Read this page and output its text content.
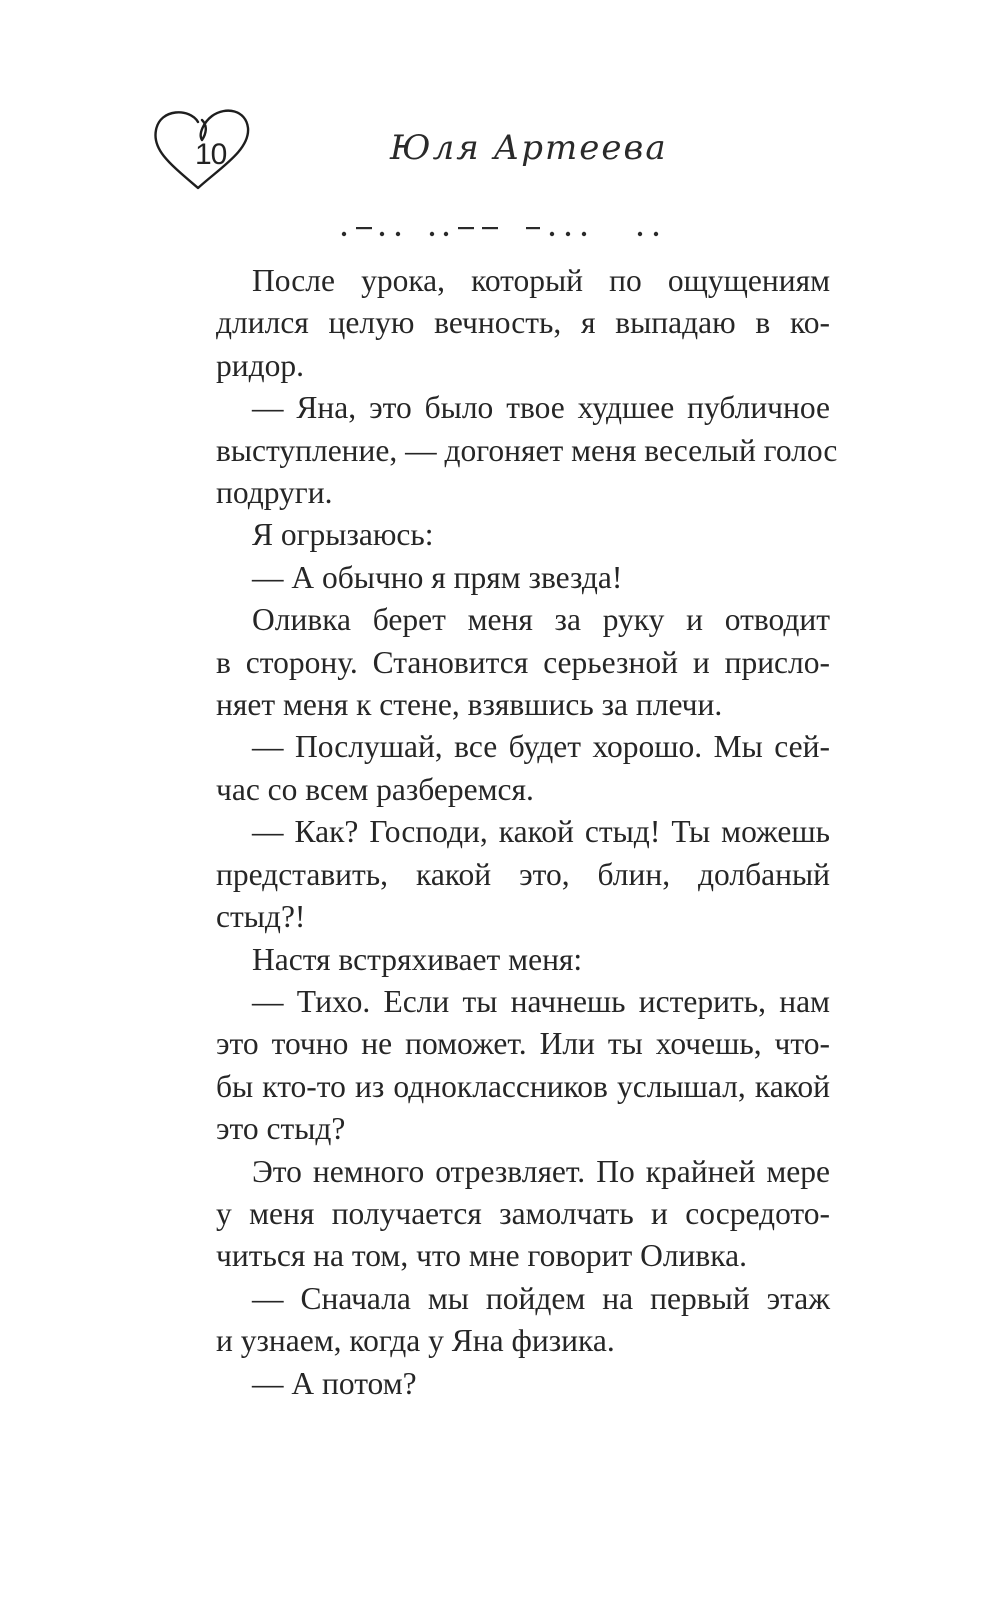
10	Юля Артеева

После урока, который по ощущениям
длился целую вечность, я выпадаю в ко-
ридор.

— Яна, это было твое худшее публичное
выступление, — догоняет меня веселый голос
подруги.

Я огрызаюсь:

— А обычно я прям звезда!

Оливка берет меня за руку и отводит
в сторону. Становится серьезной и присло-
няет меня к стене, взявшись за плечи.

— Послушай, все будет хорошо. Мы сей-
час со всем разберемся.

— Как? Господи, какой стыд! Ты можешь
представить, какой это, блин, долбаный
стыд?!

Настя встряхивает меня:

— Тихо. Если ты начнешь истерить, нам
это точно не поможет. Или ты хочешь, что-
бы кто-то из одноклассников услышал, какой
это стыд?

Это немного отрезвляет. По крайней мере
у меня получается замолчать и сосредото-
читься на том, что мне говорит Оливка.

— Сначала мы пойдем на первый этаж
и узнаем, когда у Яна физика.

— А потом?
